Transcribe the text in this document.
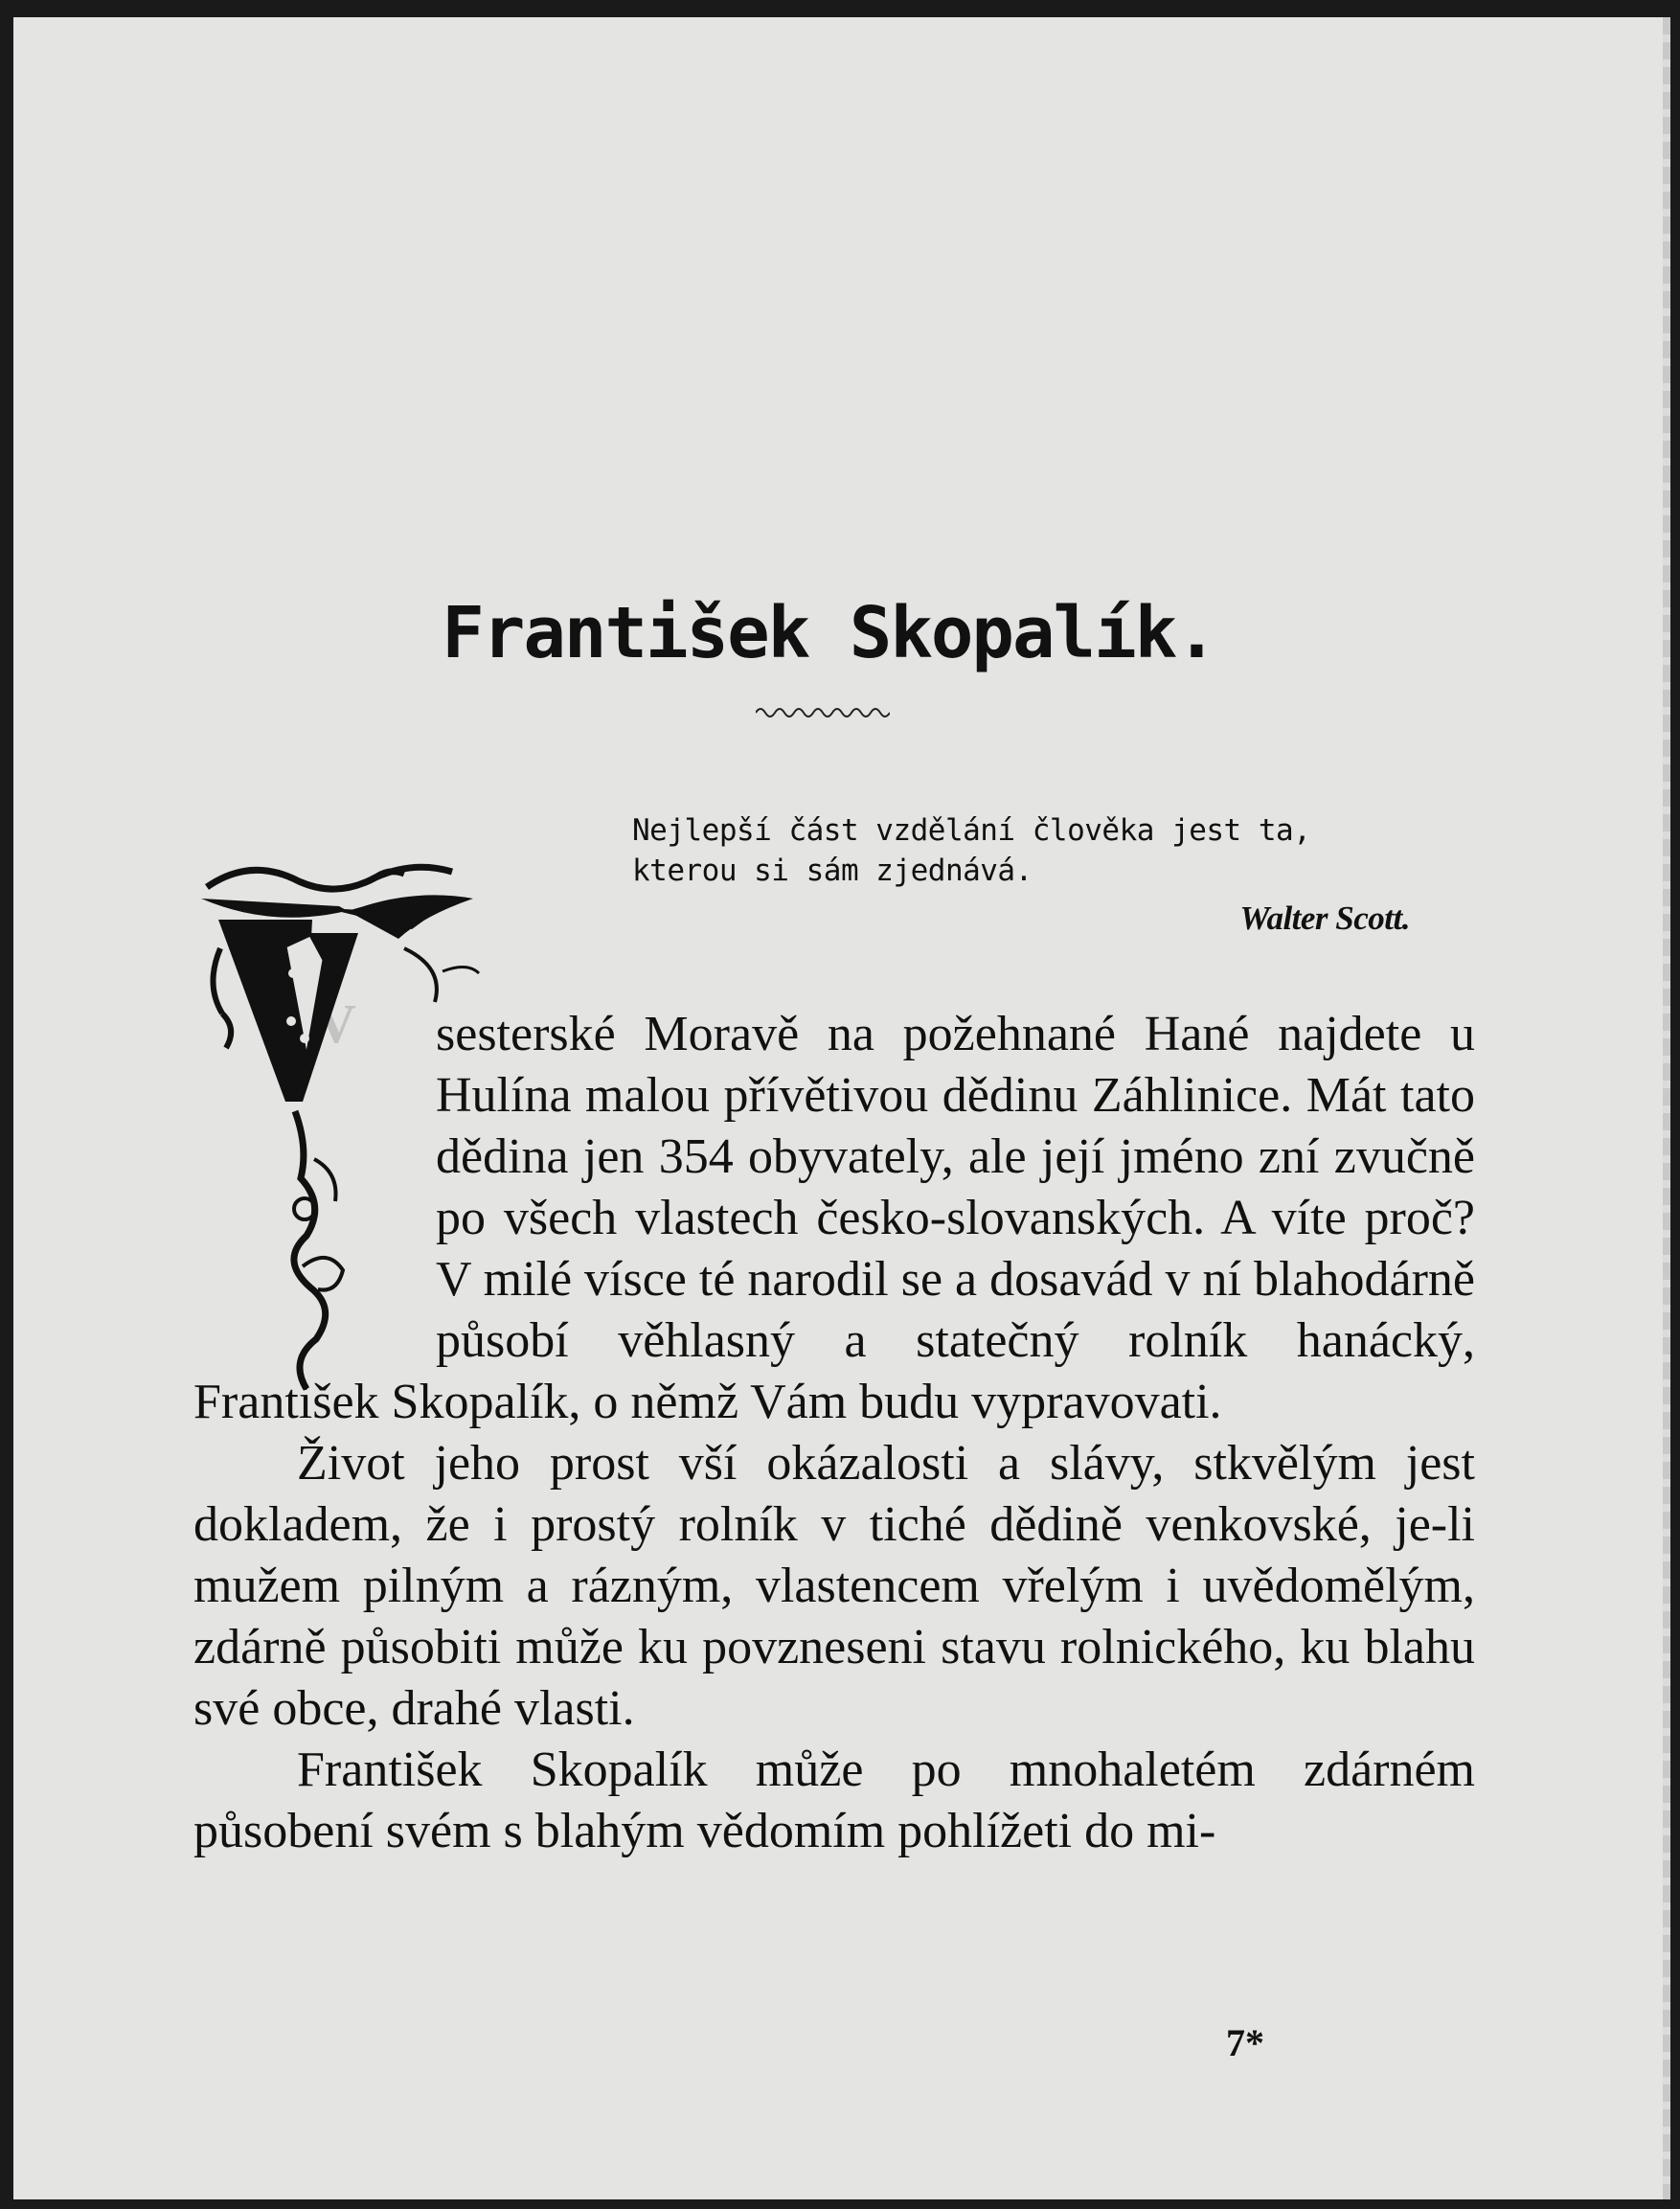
František Skopalík.
Nejlepší část vzdělání člověka jest ta,
kterou si sám zjednává.
Walter Scott.
V	sesterské Moravě na požehnané Hané najdete u Hulína malou přívětivou dědinu Záhlinice. Mát tato dědina jen 354 obyvately, ale její jméno zní zvučně po všech vlastech česko-slovanských. A víte proč? V milé vísce té narodil se a dosavád v ní blahodárně působí věhlasný a statečný rolník hanácký, František Skopalík, o němž Vám budu vypravovati.

Život jeho prost vší okázalosti a slávy, stkvělým jest dokladem, že i prostý rolník v tiché dědině venkovské, je-li mužem pilným a rázným, vlastencem vřelým i uvědomělým, zdárně působiti může ku povzneseni stavu rolnického, ku blahu své obce, drahé vlasti.

František Skopalík může po mnohaletém zdárném působení svém s blahým vědomím pohlížeti do mi-

7*
